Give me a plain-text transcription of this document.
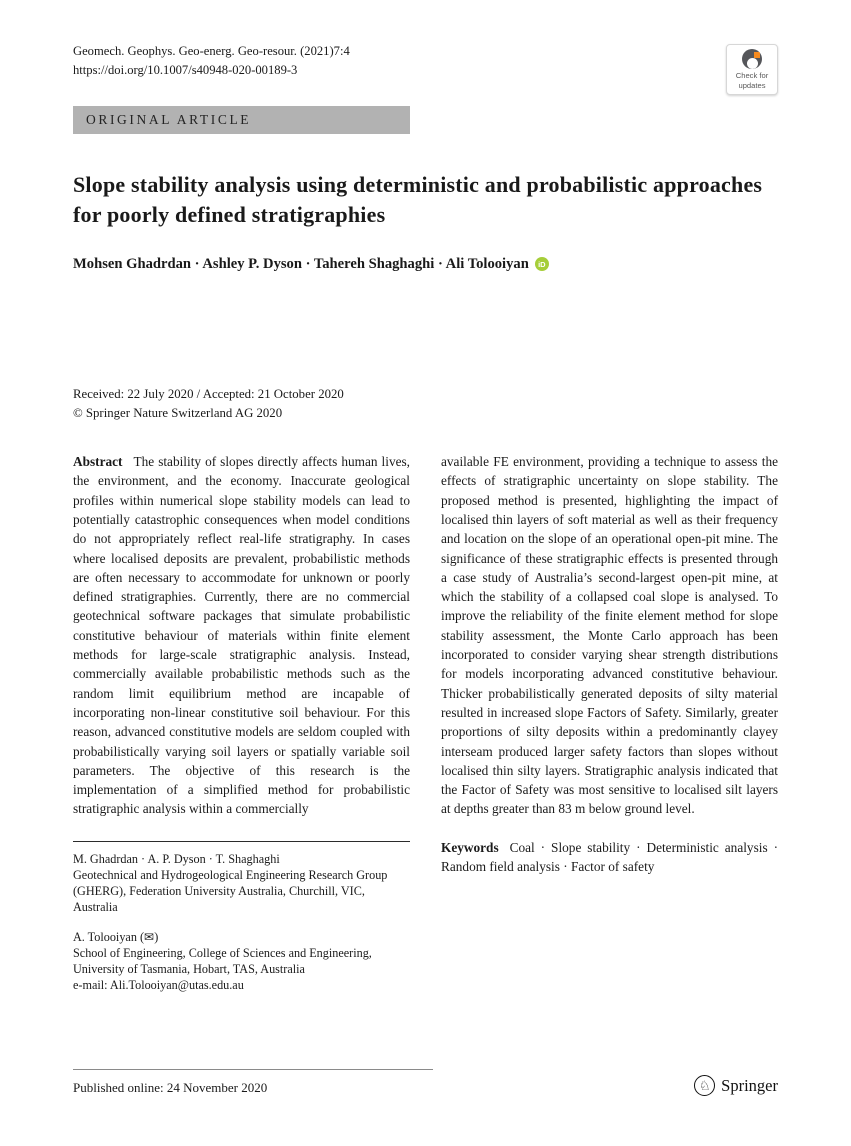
Geomech. Geophys. Geo-energ. Geo-resour. (2021)7:4
https://doi.org/10.1007/s40948-020-00189-3	Check for
updates
ORIGINAL ARTICLE
Slope stability analysis using deterministic and probabilistic approaches for poorly defined stratigraphies
Mohsen Ghadrdan · Ashley P. Dyson · Tahereh Shaghaghi · Ali Tolooiyan	iD
Received: 22 July 2020 / Accepted: 21 October 2020
© Springer Nature Switzerland AG 2020

Abstract The stability of slopes directly affects human lives, the environment, and the economy. Inaccurate geological profiles within numerical slope stability models can lead to potentially catastrophic consequences when model conditions do not appropriately reflect real-life stratigraphy. In cases where localised deposits are prevalent, probabilistic methods are often necessary to accommodate for unknown or poorly defined stratigraphies. Currently, there are no commercial geotechnical software packages that simulate probabilistic constitutive behaviour of materials within finite element methods for large-scale stratigraphic analysis. Instead, commercially available probabilistic methods such as the random limit equilibrium method are incapable of incorporating non-linear constitutive soil behaviour. For this reason, advanced constitutive models are seldom coupled with probabilistically varying soil layers or spatially variable soil parameters. The objective of this research is the implementation of a simplified method for probabilistic stratigraphic analysis within a commercially

M. Ghadrdan · A. P. Dyson · T. Shaghaghi
Geotechnical and Hydrogeological Engineering Research Group (GHERG), Federation University Australia, Churchill, VIC, Australia
A. Tolooiyan (✉)
School of Engineering, College of Sciences and Engineering, University of Tasmania, Hobart, TAS, Australia
e-mail: Ali.Tolooiyan@utas.edu.au

available FE environment, providing a technique to assess the effects of stratigraphic uncertainty on slope stability. The proposed method is presented, highlighting the impact of localised thin layers of soft material as well as their frequency and location on the slope of an operational open-pit mine. The significance of these stratigraphic effects is presented through a case study of Australia’s second-largest open-pit mine, at which the stability of a collapsed coal slope is analysed. To improve the reliability of the finite element method for slope stability assessment, the Monte Carlo approach has been incorporated to consider varying shear strength distributions for models incorporating advanced constitutive behaviour. Thicker probabilistically generated deposits of silty material resulted in increased slope Factors of Safety. Similarly, greater proportions of silty deposits within a predominantly clayey interseam produced larger safety factors than slopes without localised thin silty layers. Stratigraphic analysis indicated that the Factor of Safety was most sensitive to localised silt layers at depths greater than 83 m below ground level.

Keywords Coal · Slope stability · Deterministic analysis · Random field analysis · Factor of safety

Published online: 24 November 2020	♘ Springer
